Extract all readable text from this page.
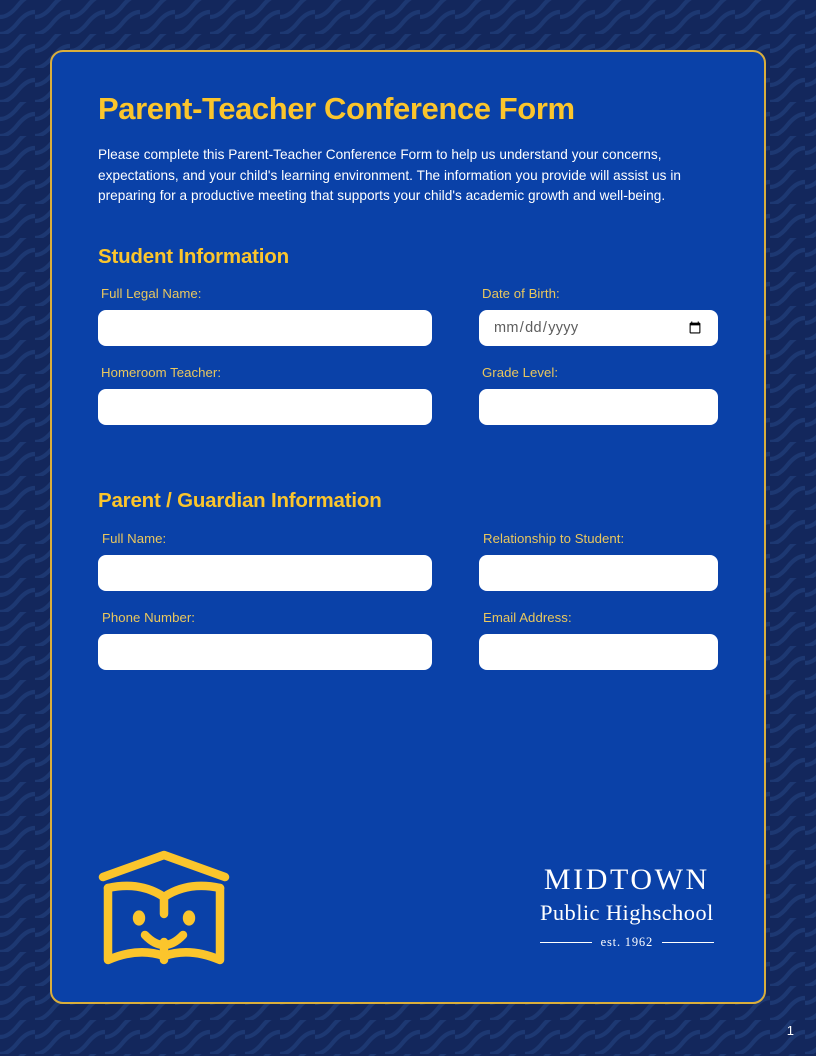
Parent-Teacher Conference Form

Please complete this Parent-Teacher Conference Form to help us understand your concerns, expectations, and your child's learning environment. The information you provide will assist us in preparing for a productive meeting that supports your child's academic growth and well-being.

Student Information
Full Legal Name:	Date of Birth:
Homeroom Teacher:	Grade Level:
Parent / Guardian Information
Full Name:	Relationship to Student:
Phone Number:	Email Address:
MIDTOWN
Public Highschool
est. 1962
1
